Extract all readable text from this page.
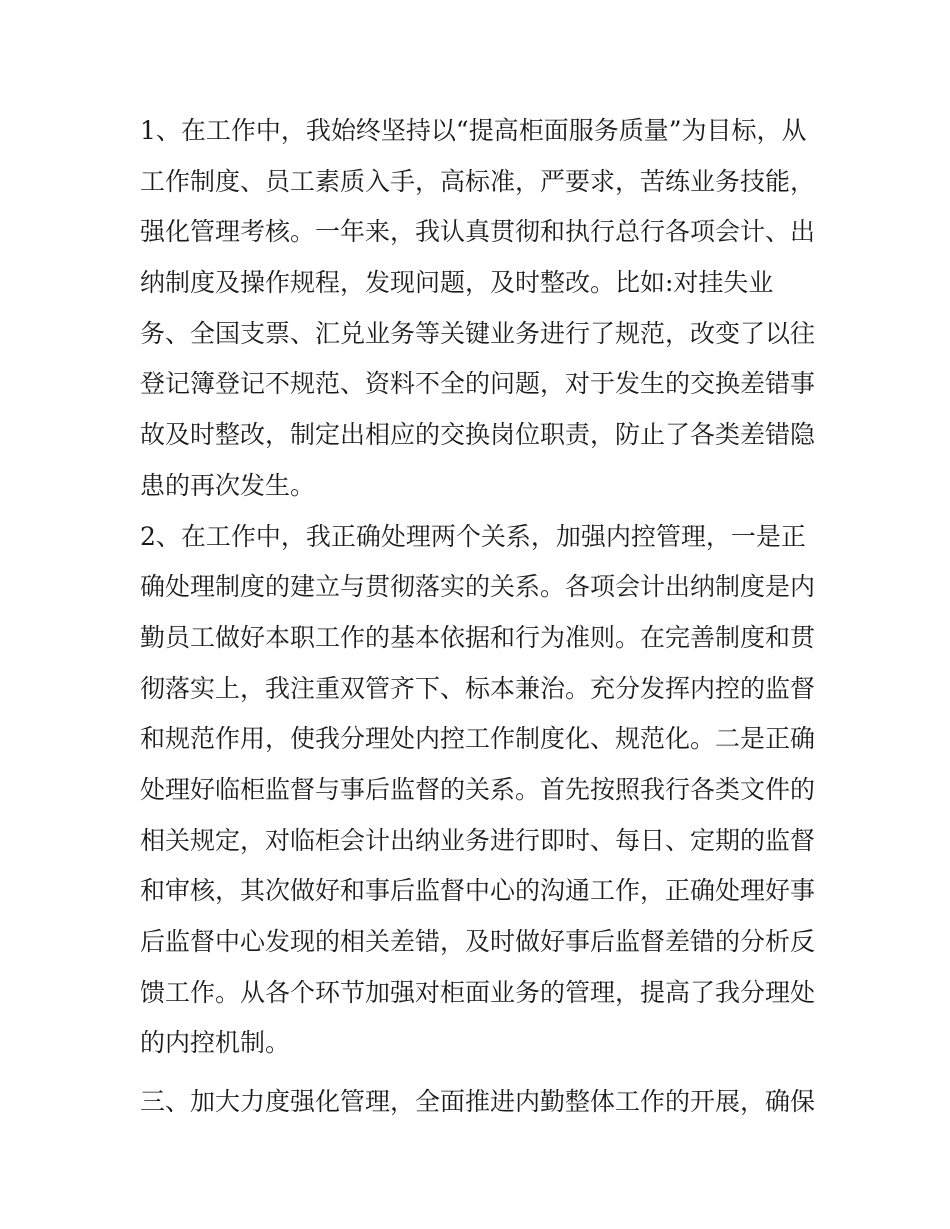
1、在工作中，我始终坚持以“提高柜面服务质量”为目标，从
工作制度、员工素质入手，高标准，严要求，苦练业务技能，
强化管理考核。一年来，我认真贯彻和执行总行各项会计、出
纳制度及操作规程，发现问题，及时整改。比如:对挂失业
务、全国支票、汇兑业务等关键业务进行了规范，改变了以往
登记簿登记不规范、资料不全的问题，对于发生的交换差错事
故及时整改，制定出相应的交换岗位职责，防止了各类差错隐
患的再次发生。
2、在工作中，我正确处理两个关系，加强内控管理，一是正
确处理制度的建立与贯彻落实的关系。各项会计出纳制度是内
勤员工做好本职工作的基本依据和行为准则。在完善制度和贯
彻落实上，我注重双管齐下、标本兼治。充分发挥内控的监督
和规范作用，使我分理处内控工作制度化、规范化。二是正确
处理好临柜监督与事后监督的关系。首先按照我行各类文件的
相关规定，对临柜会计出纳业务进行即时、每日、定期的监督
和审核，其次做好和事后监督中心的沟通工作，正确处理好事
后监督中心发现的相关差错，及时做好事后监督差错的分析反
馈工作。从各个环节加强对柜面业务的管理，提高了我分理处
的内控机制。
三、加大力度强化管理，全面推进内勤整体工作的开展，确保
